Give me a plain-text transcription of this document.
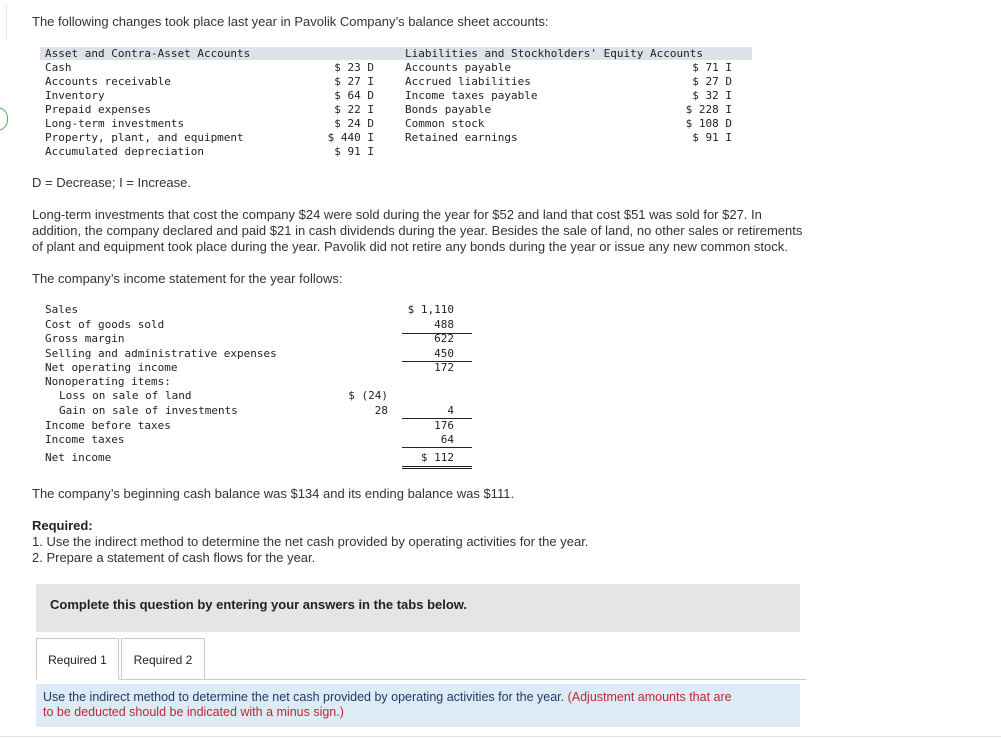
The following changes took place last year in Pavolik Company’s balance sheet accounts:
Asset and Contra-Asset Accounts	Liabilities and Stockholders' Equity Accounts
Cash	$ 23 D
Accounts receivable	$ 27 I
Inventory	$ 64 D
Prepaid expenses	$ 22 I
Long-term investments	$ 24 D
Property, plant, and equipment	$ 440 I
Accumulated depreciation	$ 91 I
Accounts payable	$ 71 I
Accrued liabilities	$ 27 D
Income taxes payable	$ 32 I
Bonds payable	$ 228 I
Common stock	$ 108 D
Retained earnings	$ 91 I
D = Decrease; I = Increase.
Long-term investments that cost the company $24 were sold during the year for $52 and land that cost $51 was sold for $27. In
addition, the company declared and paid $21 in cash dividends during the year. Besides the sale of land, no other sales or retirements
of plant and equipment took place during the year. Pavolik did not retire any bonds during the year or issue any new common stock.
The company’s income statement for the year follows:
Sales	$ 1,110
Cost of goods sold	488
Gross margin	622
Selling and administrative expenses	450
Net operating income	172
Nonoperating items:
Loss on sale of land	$ (24)
Gain on sale of investments	28	4
Income before taxes	176
Income taxes	64
Net income	$ 112
The company’s beginning cash balance was $134 and its ending balance was $111.
Required:
1. Use the indirect method to determine the net cash provided by operating activities for the year.
2. Prepare a statement of cash flows for the year.
Complete this question by entering your answers in the tabs below.
Required 1	Required 2
Use the indirect method to determine the net cash provided by operating activities for the year. (Adjustment amounts that are
to be deducted should be indicated with a minus sign.)
